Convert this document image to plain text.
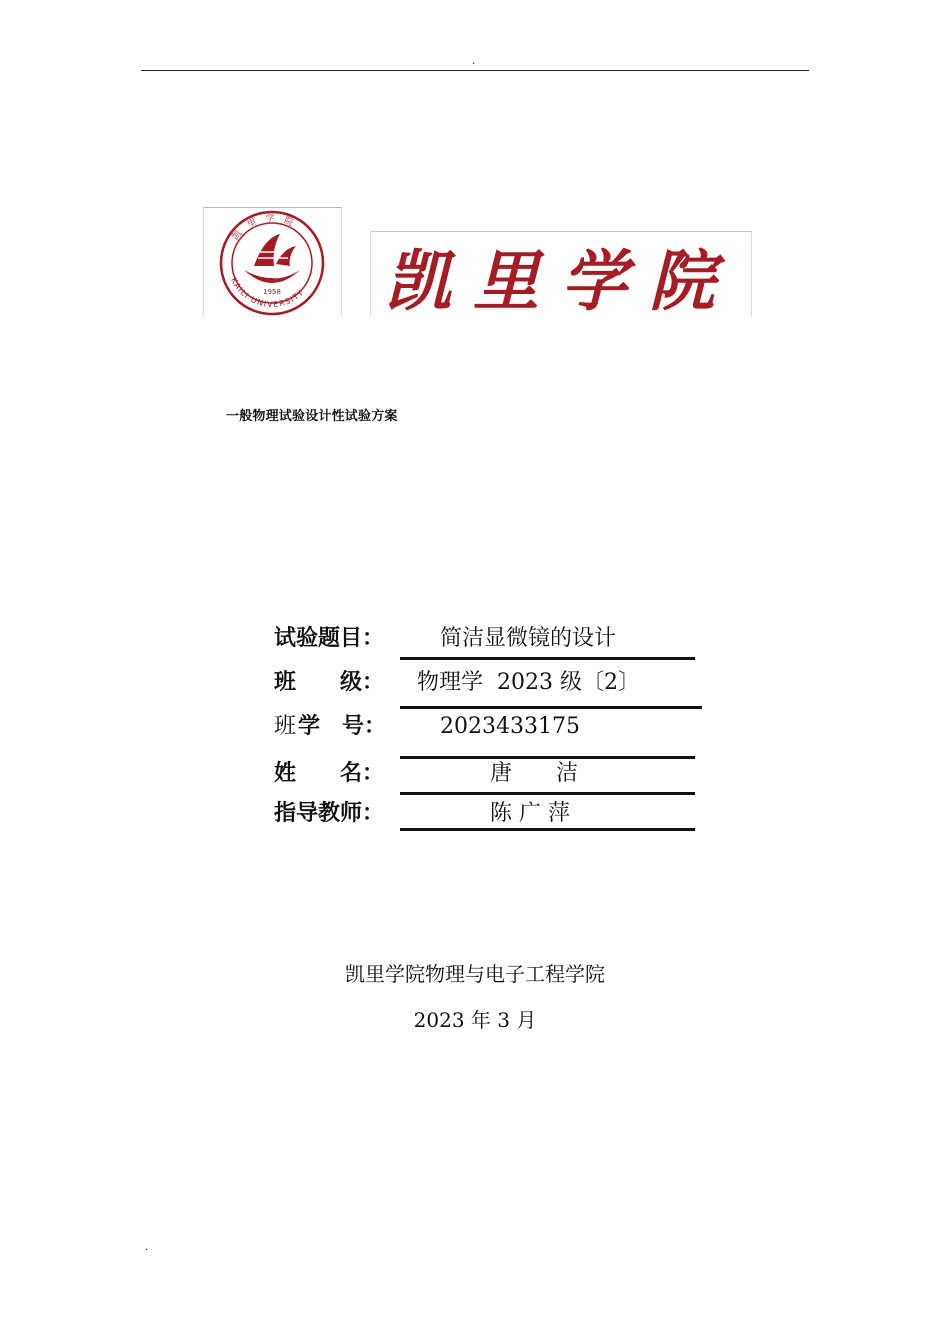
.
凯 里 学 院
KAILI UNIVERSITY
1958 凯里学院
一般物理试验设计性试验方案
试验题目：	简洁显微镜的设计
班　　级： 物理学  2023 级〔2〕
班 学　号： 2023433175
姓　　名：	唐　　洁
指导教师：	陈 广 萍
凯里学院物理与电子工程学院
2023 年 3 月
.
